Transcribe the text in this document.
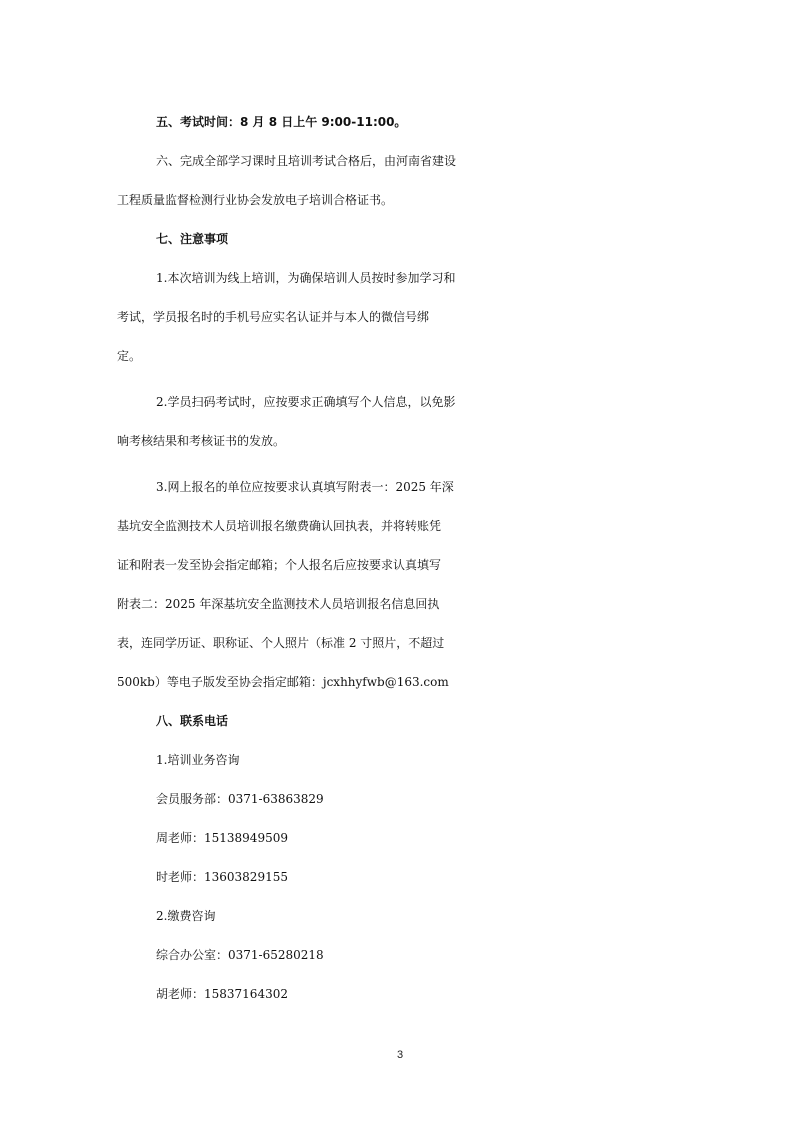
五、考试时间：8 月 8 日上午 9:00-11:00。
六、完成全部学习课时且培训考试合格后，由河南省建设
工程质量监督检测行业协会发放电子培训合格证书。
七、注意事项
1.本次培训为线上培训，为确保培训人员按时参加学习和
考试，学员报名时的手机号应实名认证并与本人的微信号绑
定。
2.学员扫码考试时，应按要求正确填写个人信息，以免影
响考核结果和考核证书的发放。
3.网上报名的单位应按要求认真填写附表一：2025 年深
基坑安全监测技术人员培训报名缴费确认回执表，并将转账凭
证和附表一发至协会指定邮箱；个人报名后应按要求认真填写
附表二：2025 年深基坑安全监测技术人员培训报名信息回执
表，连同学历证、职称证、个人照片（标准 2 寸照片，不超过
500kb）等电子版发至协会指定邮箱：jcxhhyfwb@163.com
八、联系电话
1.培训业务咨询
会员服务部：0371-63863829
周老师：15138949509
时老师：13603829155
2.缴费咨询
综合办公室：0371-65280218
胡老师：15837164302
3
